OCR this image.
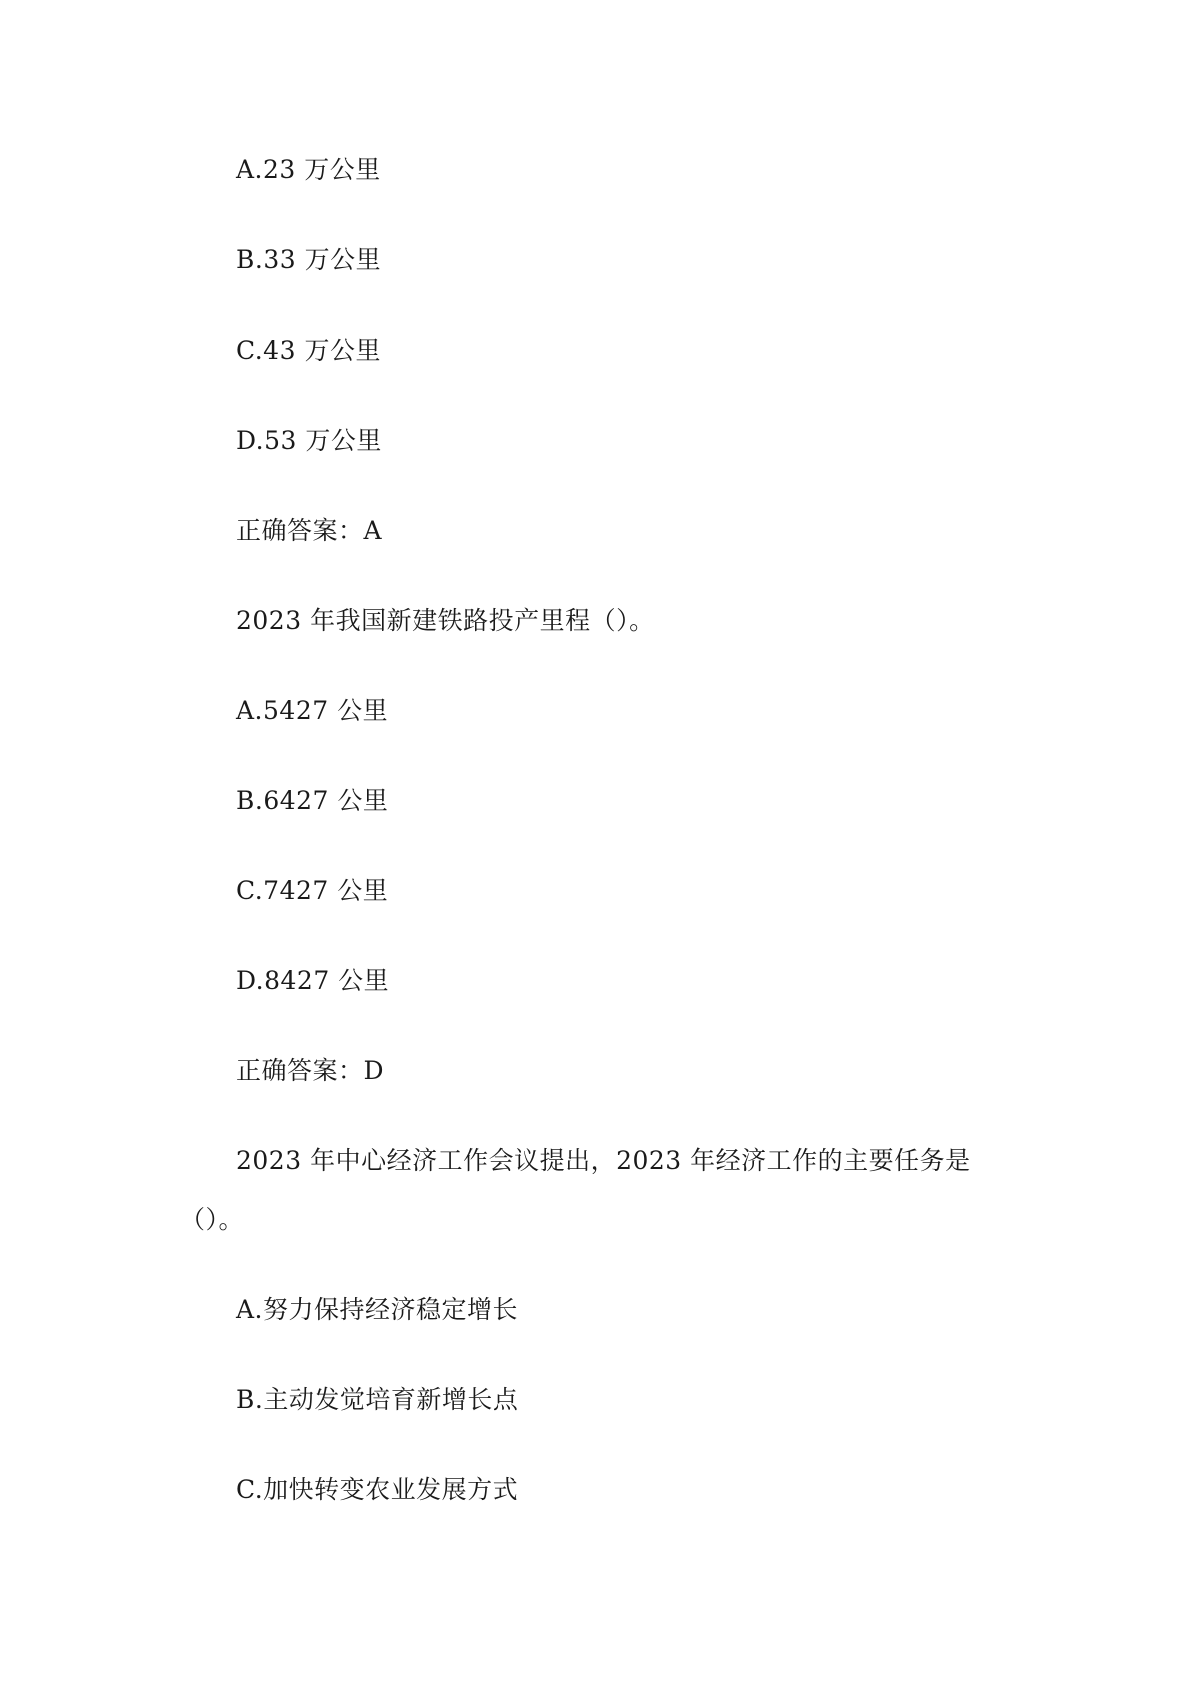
A.23 万公里
B.33 万公里
C.43 万公里
D.53 万公里
正确答案：A
2023 年我国新建铁路投产里程（）。
A.5427 公里
B.6427 公里
C.7427 公里
D.8427 公里
正确答案：D
2023 年中心经济工作会议提出，2023 年经济工作的主要任务是
（）。
A.努力保持经济稳定增长
B.主动发觉培育新增长点
C.加快转变农业发展方式
